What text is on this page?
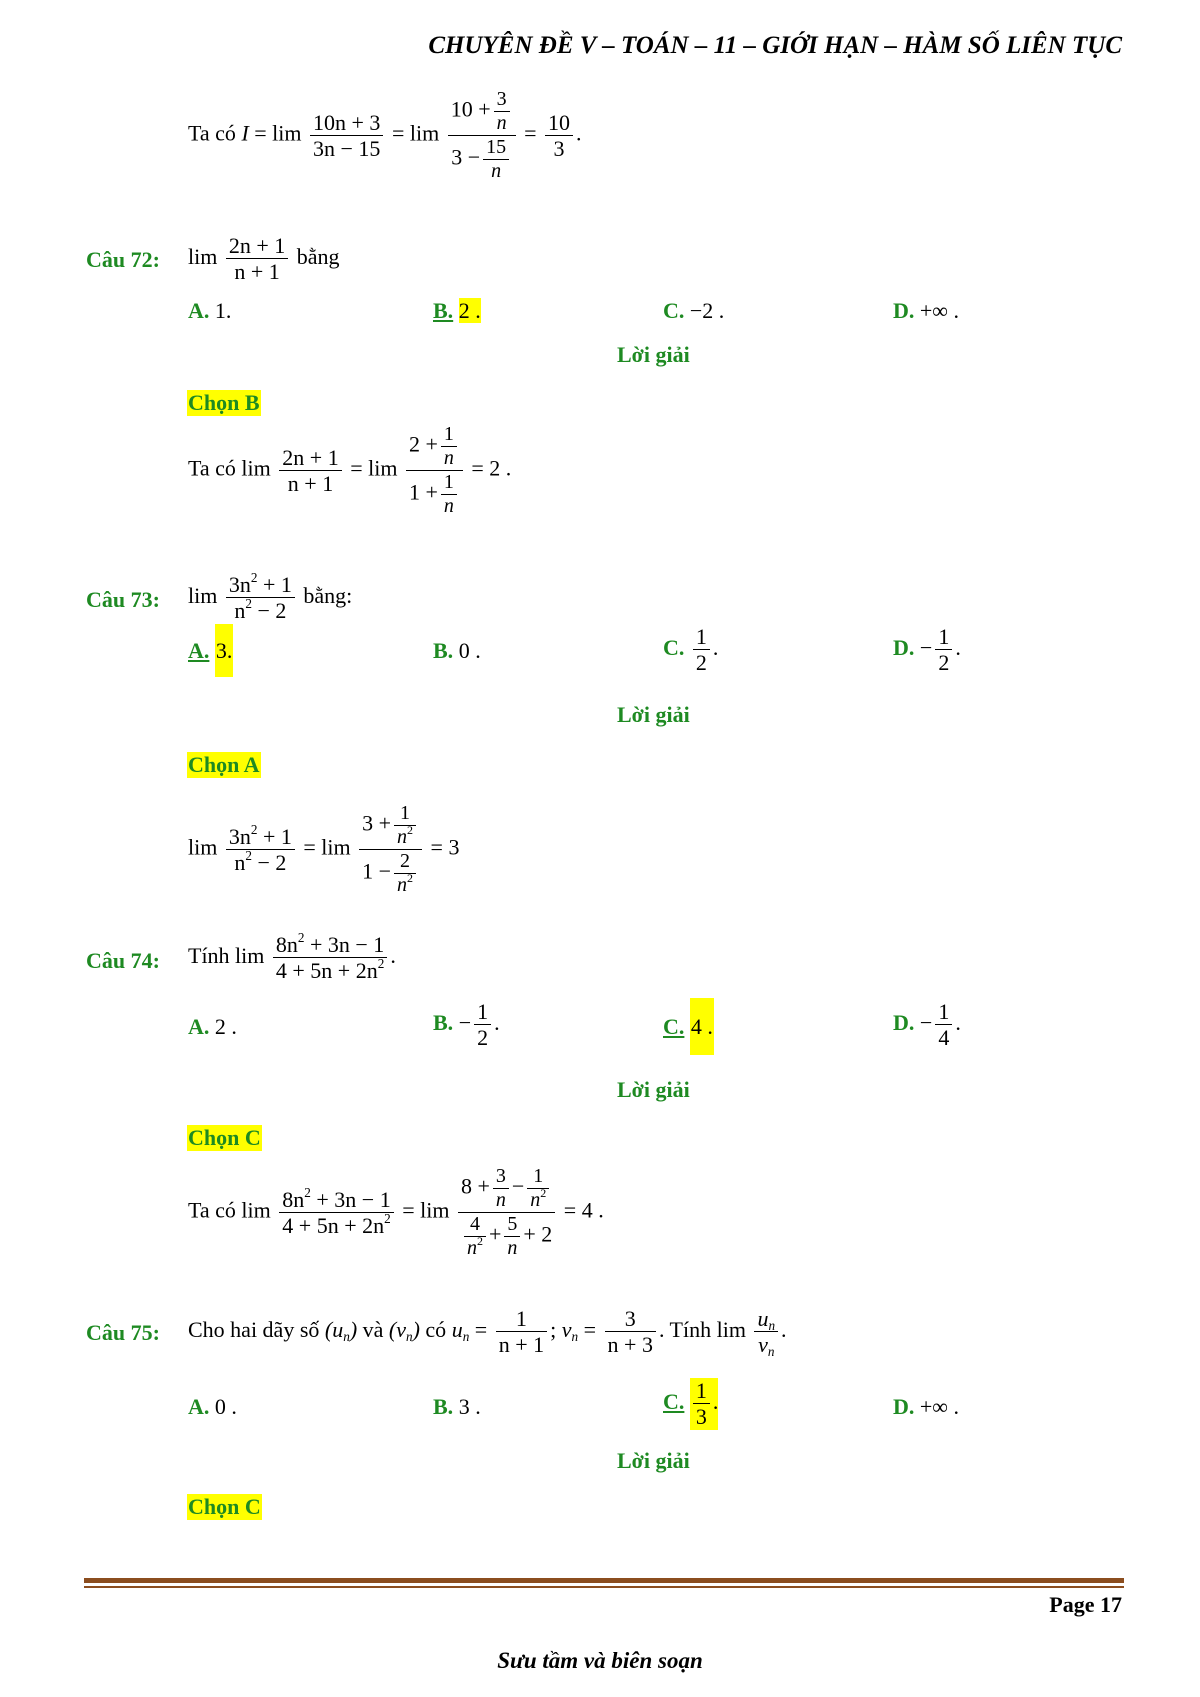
CHUYÊN ĐỀ V – TOÁN – 11 – GIỚI HẠN – HÀM SỐ LIÊN TỤC
Ta có $I = \lim \frac{10n + 3}{3n - 15} = \lim \frac{10 + \frac{3}{n}}{3 - \frac{15}{n}} = \frac{10}{3}$ .
Câu 72: $\lim \frac{2n + 1}{n + 1}$ bằng
A. 1.	B. 2 .	C. −2 .	D. +∞ .
Lời giải
Chọn B
Ta có $\lim \frac{2n + 1}{n + 1} = \lim \frac{2 + \frac{1}{n}}{1 + \frac{1}{n}} = 2$ .
Câu 73: $\lim \frac{3n^2 + 1}{n^2 - 2}$ bằng:
A. 3.	B. 0 .	C. $\frac{1}{2}$ .	D. − $\frac{1}{2}$ .
Lời giải
Chọn A
$\lim \frac{3n^2 + 1}{n^2 - 2} = \lim \frac{3 + \frac{1}{n^2}}{1 - \frac{2}{n^2}} = 3$
Câu 74: Tính $\lim \frac{8n^2 + 3n - 1}{4 + 5n + 2n^2}$ .
A. 2 .	B. − $\frac{1}{2}$ .	C. 4 .	D. − $\frac{1}{4}$ .
Lời giải
Chọn C
Ta có $\lim \frac{8n^2 + 3n - 1}{4 + 5n + 2n^2} = \lim \frac{8 + \frac{3}{n} - \frac{1}{n^2}}{\frac{4}{n^2} + \frac{5}{n} + 2} = 4$ .
Câu 75: Cho hai dãy số $(u_n)$ và $(v_n)$ có $u_n = \frac{1}{n + 1}$ ; $v_n = \frac{3}{n + 3}$ . Tính $\lim \frac{u_n}{v_n}$ .
A. 0 .	B. 3 .	C. $\frac{1}{3}$ .	D. +∞ .
Lời giải
Chọn C
Page 17
Sưu tầm và biên soạn
